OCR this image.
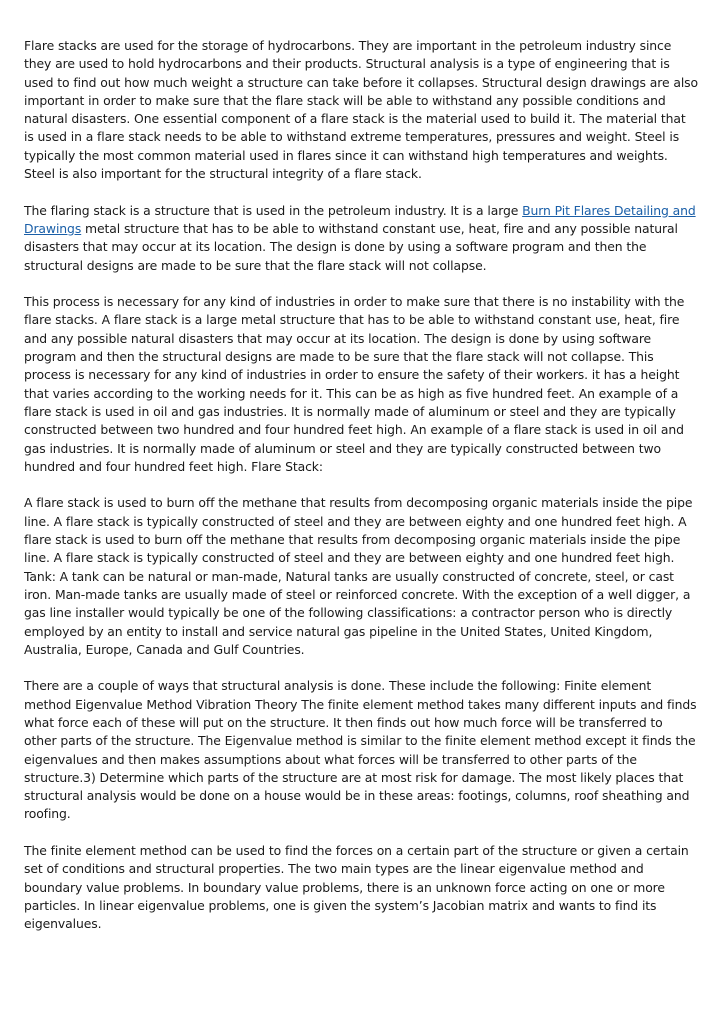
Flare stacks are used for the storage of hydrocarbons. They are important in the petroleum industry since they are used to hold hydrocarbons and their products. Structural analysis is a type of engineering that is used to find out how much weight a structure can take before it collapses. Structural design drawings are also important in order to make sure that the flare stack will be able to withstand any possible conditions and natural disasters. One essential component of a flare stack is the material used to build it. The material that is used in a flare stack needs to be able to withstand extreme temperatures, pressures and weight. Steel is typically the most common material used in flares since it can withstand high temperatures and weights. Steel is also important for the structural integrity of a flare stack.

The flaring stack is a structure that is used in the petroleum industry. It is a large Burn Pit Flares Detailing and Drawings metal structure that has to be able to withstand constant use, heat, fire and any possible natural disasters that may occur at its location. The design is done by using a software program and then the structural designs are made to be sure that the flare stack will not collapse.

This process is necessary for any kind of industries in order to make sure that there is no instability with the flare stacks. A flare stack is a large metal structure that has to be able to withstand constant use, heat, fire and any possible natural disasters that may occur at its location. The design is done by using software program and then the structural designs are made to be sure that the flare stack will not collapse. This process is necessary for any kind of industries in order to ensure the safety of their workers. it has a height that varies according to the working needs for it. This can be as high as five hundred feet. An example of a flare stack is used in oil and gas industries. It is normally made of aluminum or steel and they are typically constructed between two hundred and four hundred feet high. An example of a flare stack is used in oil and gas industries. It is normally made of aluminum or steel and they are typically constructed between two hundred and four hundred feet high. Flare Stack:

A flare stack is used to burn off the methane that results from decomposing organic materials inside the pipe line. A flare stack is typically constructed of steel and they are between eighty and one hundred feet high. A flare stack is used to burn off the methane that results from decomposing organic materials inside the pipe line. A flare stack is typically constructed of steel and they are between eighty and one hundred feet high. Tank: A tank can be natural or man-made, Natural tanks are usually constructed of concrete, steel, or cast iron. Man-made tanks are usually made of steel or reinforced concrete. With the exception of a well digger, a gas line installer would typically be one of the following classifications: a contractor person who is directly employed by an entity to install and service natural gas pipeline in the United States, United Kingdom, Australia, Europe, Canada and Gulf Countries.

There are a couple of ways that structural analysis is done. These include the following: Finite element method Eigenvalue Method Vibration Theory The finite element method takes many different inputs and finds what force each of these will put on the structure. It then finds out how much force will be transferred to other parts of the structure. The Eigenvalue method is similar to the finite element method except it finds the eigenvalues and then makes assumptions about what forces will be transferred to other parts of the structure.3) Determine which parts of the structure are at most risk for damage. The most likely places that structural analysis would be done on a house would be in these areas: footings, columns, roof sheathing and roofing.

The finite element method can be used to find the forces on a certain part of the structure or given a certain set of conditions and structural properties. The two main types are the linear eigenvalue method and boundary value problems. In boundary value problems, there is an unknown force acting on one or more particles. In linear eigenvalue problems, one is given the system’s Jacobian matrix and wants to find its eigenvalues.
